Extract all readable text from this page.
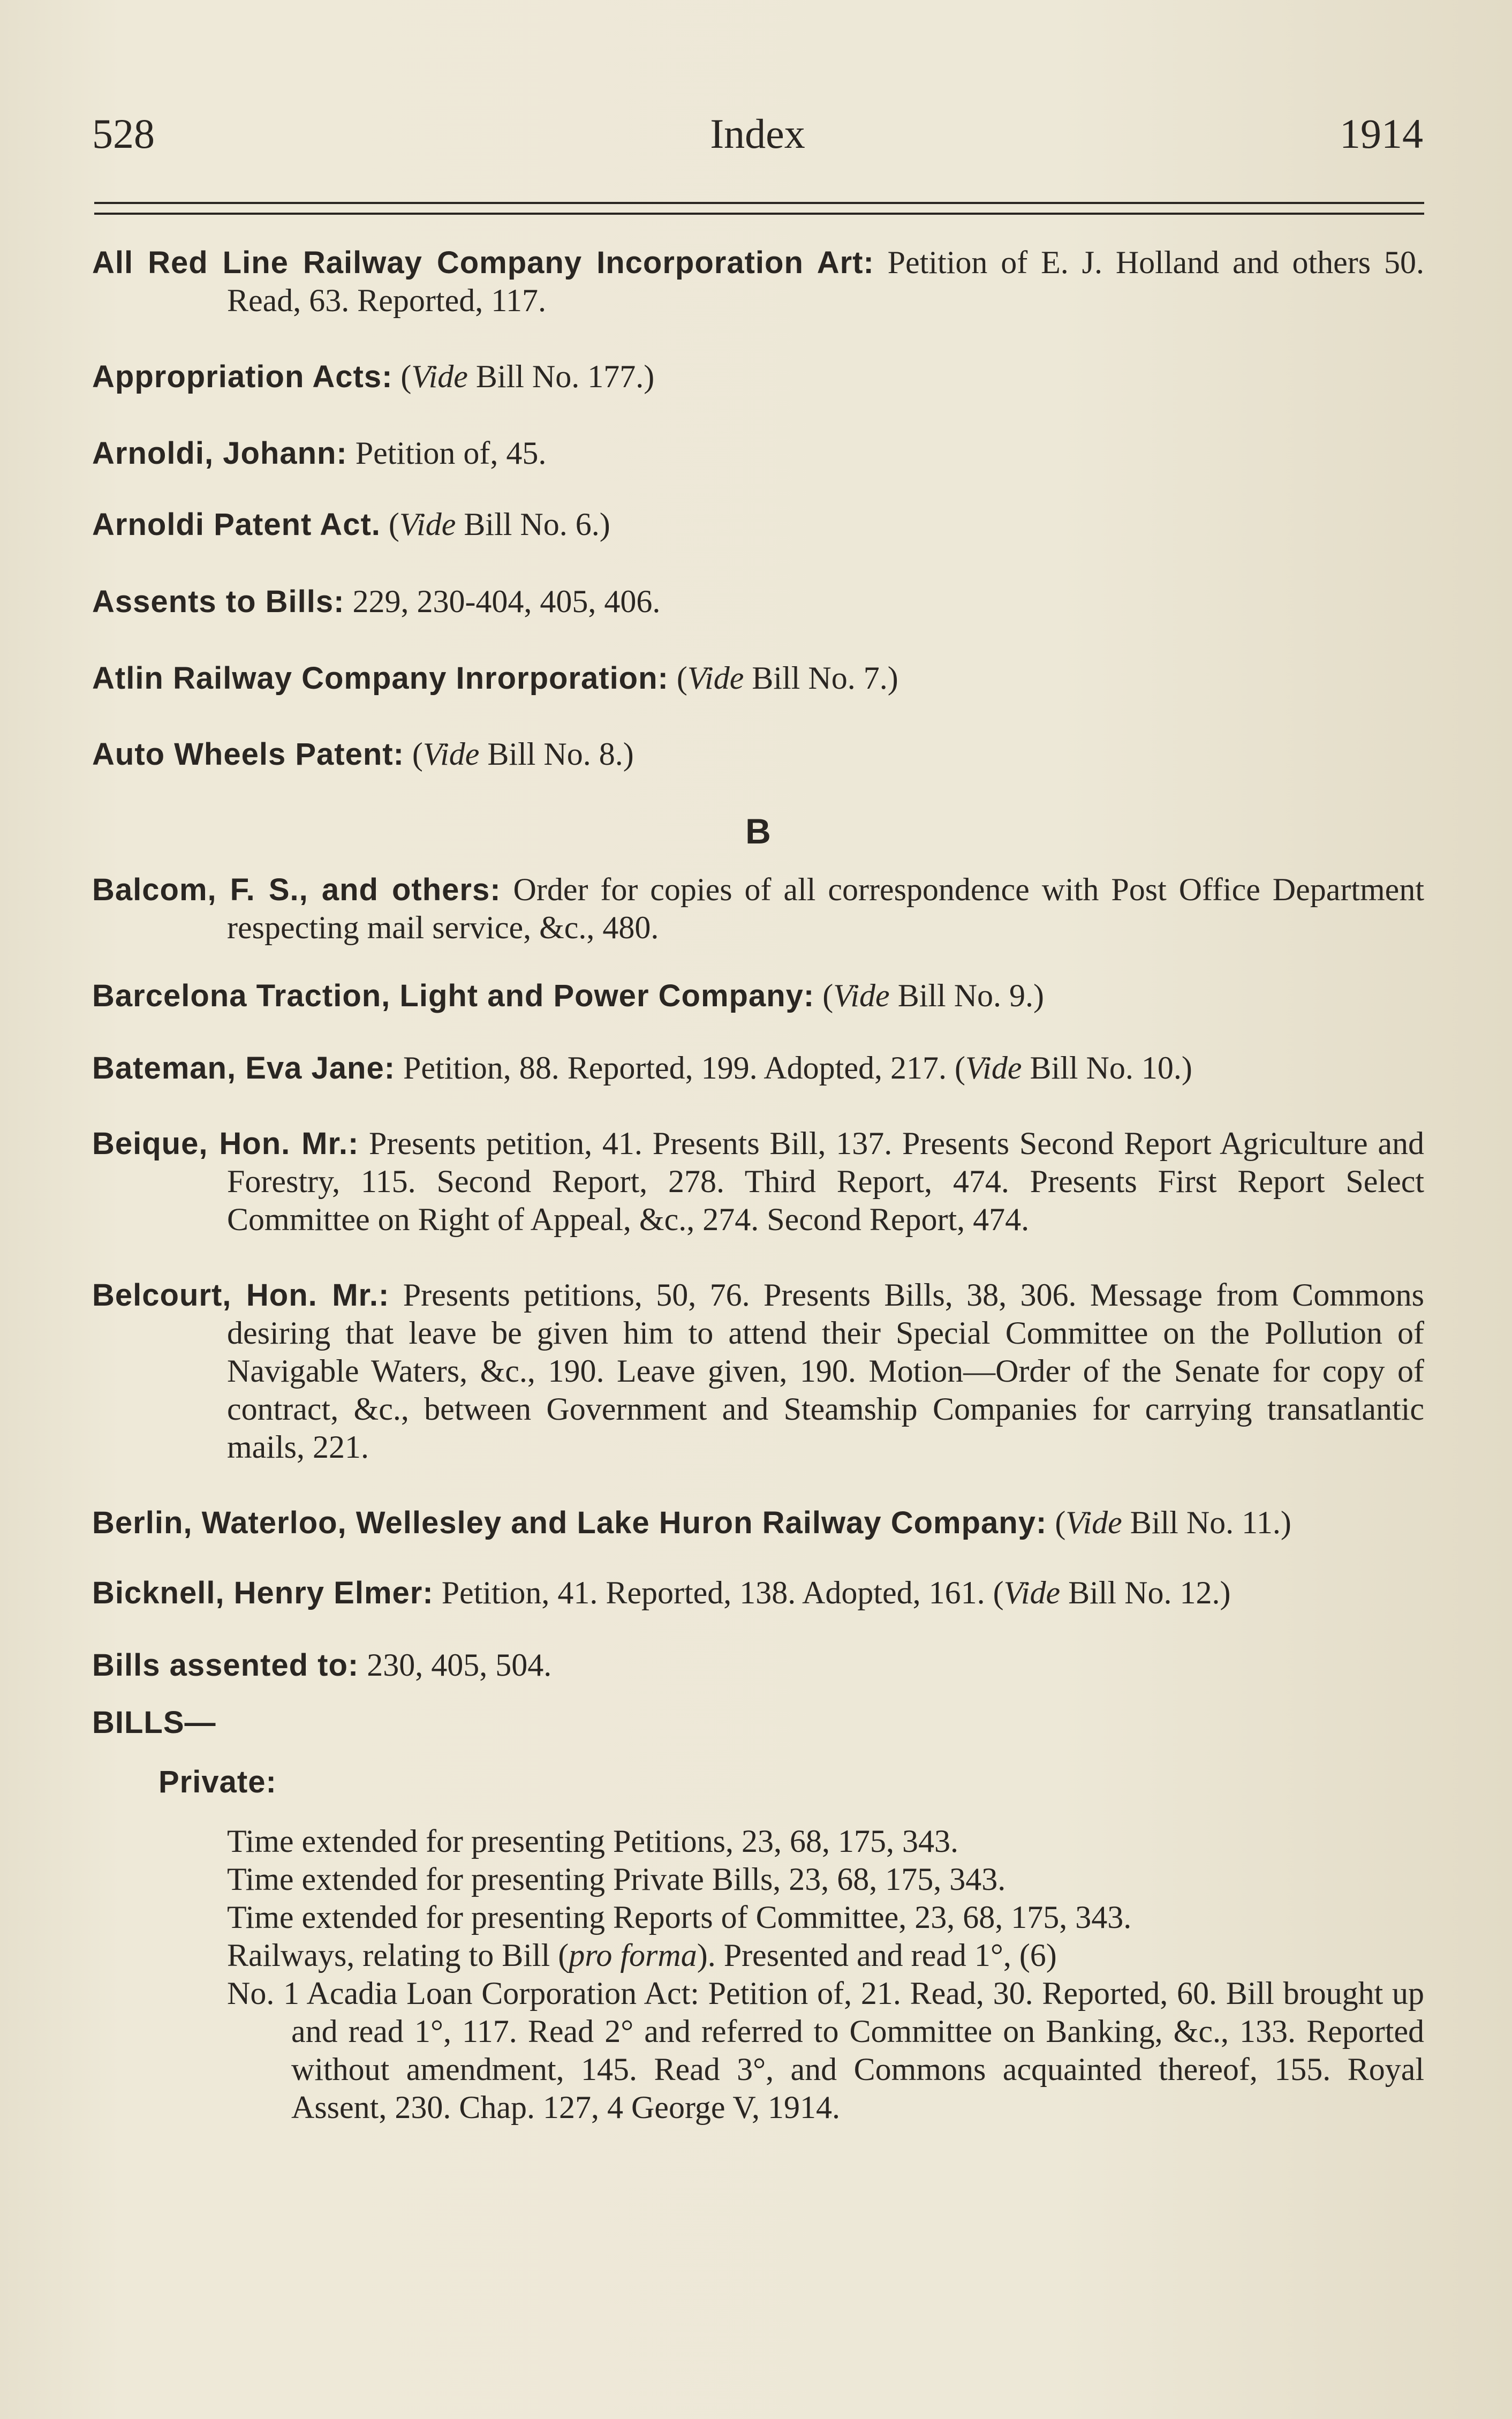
528	Index	1914
All Red Line Railway Company Incorporation Art: Petition of E. J. Holland and others 50. Read, 63. Reported, 117.
Appropriation Acts: (Vide Bill No. 177.)
Arnoldi, Johann: Petition of, 45.
Arnoldi Patent Act. (Vide Bill No. 6.)
Assents to Bills: 229, 230-404, 405, 406.
Atlin Railway Company Inrorporation: (Vide Bill No. 7.)
Auto Wheels Patent: (Vide Bill No. 8.)
B
Balcom, F. S., and others: Order for copies of all correspondence with Post Office Department respecting mail service, &c., 480.
Barcelona Traction, Light and Power Company: (Vide Bill No. 9.)
Bateman, Eva Jane: Petition, 88. Reported, 199. Adopted, 217. (Vide Bill No. 10.)
Beique, Hon. Mr.: Presents petition, 41. Presents Bill, 137. Presents Second Report Agriculture and Forestry, 115. Second Report, 278. Third Report, 474. Presents First Report Select Committee on Right of Appeal, &c., 274. Second Report, 474.
Belcourt, Hon. Mr.: Presents petitions, 50, 76. Presents Bills, 38, 306. Message from Commons desiring that leave be given him to attend their Special Committee on the Pollution of Navigable Waters, &c., 190. Leave given, 190. Motion—Order of the Senate for copy of contract, &c., between Government and Steamship Companies for carrying transatlantic mails, 221.
Berlin, Waterloo, Wellesley and Lake Huron Railway Company: (Vide Bill No. 11.)
Bicknell, Henry Elmer: Petition, 41. Reported, 138. Adopted, 161. (Vide Bill No. 12.)
Bills assented to: 230, 405, 504.
BILLS—
Private:
Time extended for presenting Petitions, 23, 68, 175, 343.
Time extended for presenting Private Bills, 23, 68, 175, 343.
Time extended for presenting Reports of Committee, 23, 68, 175, 343.
Railways, relating to Bill (pro forma). Presented and read 1°, (6)
No. 1 Acadia Loan Corporation Act: Petition of, 21. Read, 30. Reported, 60. Bill brought up and read 1°, 117. Read 2° and referred to Committee on Banking, &c., 133. Reported without amendment, 145. Read 3°, and Commons acquainted thereof, 155. Royal Assent, 230. Chap. 127, 4 George V, 1914.
